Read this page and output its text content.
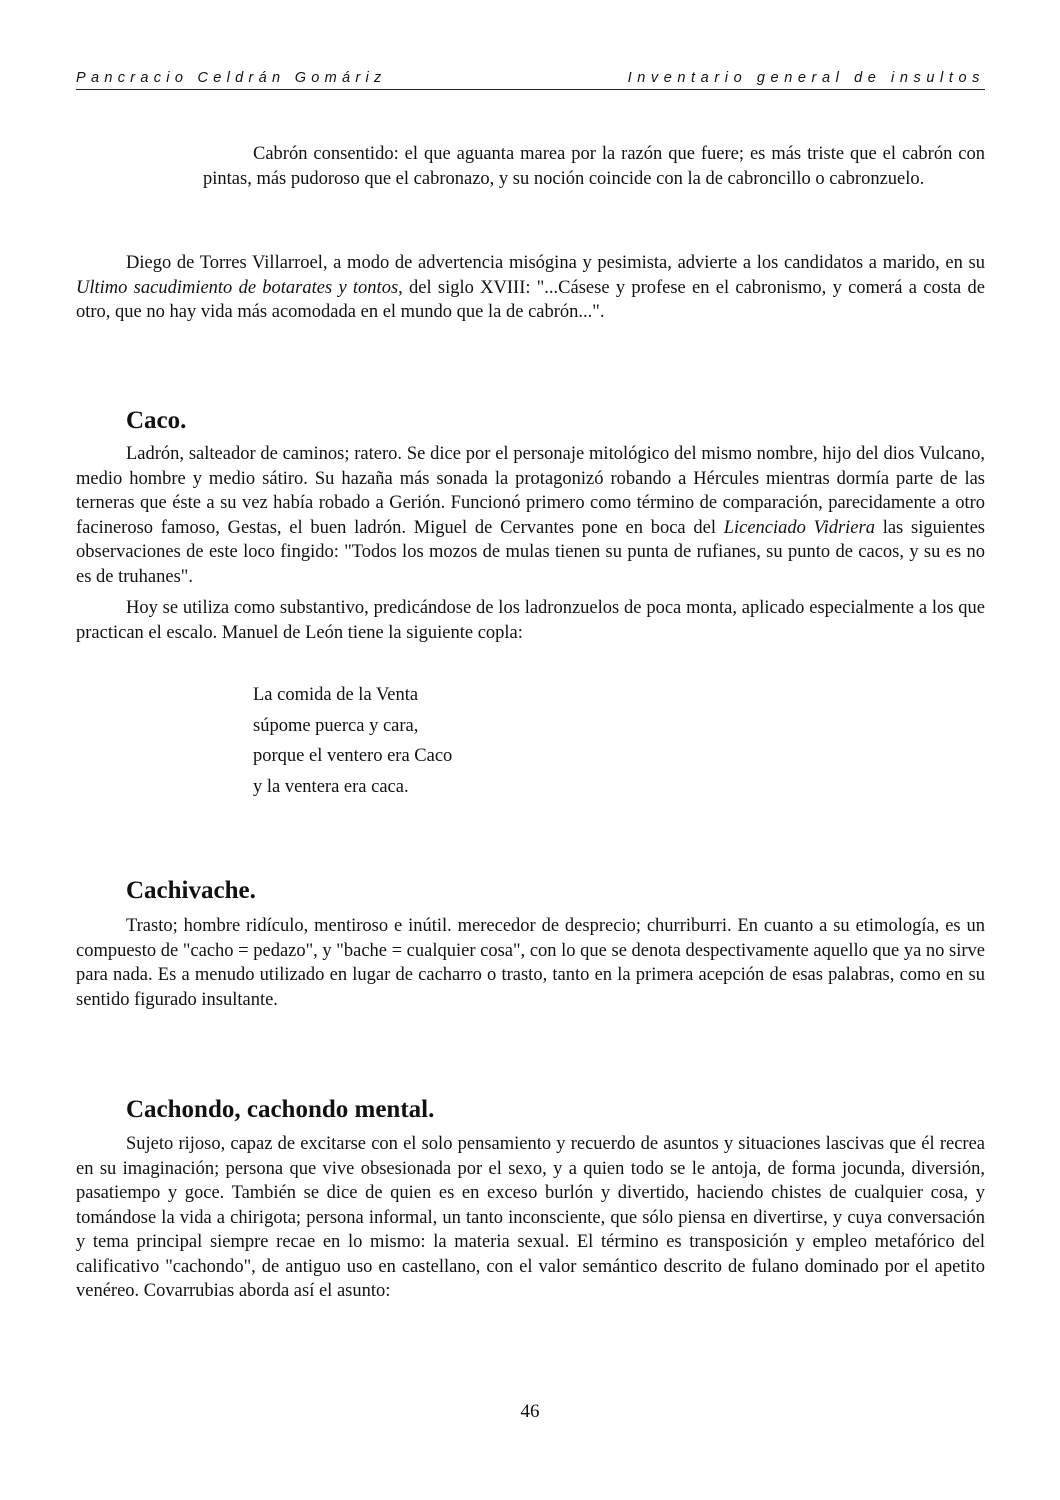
Pancracio Celdrán Gomáriz	Inventario general de insultos
Cabrón consentido: el que aguanta marea por la razón que fuere; es más triste que el cabrón con pintas, más pudoroso que el cabronazo, y su noción coincide con la de cabroncillo o cabronzuelo.
Diego de Torres Villarroel, a modo de advertencia misógina y pesimista, advierte a los candidatos a marido, en su Ultimo sacudimiento de botarates y tontos, del siglo XVIII: "...Cásese y profese en el cabronismo, y comerá a costa de otro, que no hay vida más acomodada en el mundo que la de cabrón...".
Caco.
Ladrón, salteador de caminos; ratero. Se dice por el personaje mitológico del mismo nombre, hijo del dios Vulcano, medio hombre y medio sátiro. Su hazaña más sonada la protagonizó robando a Hércules mientras dormía parte de las terneras que éste a su vez había robado a Gerión. Funcionó primero como término de comparación, parecidamente a otro facineroso famoso, Gestas, el buen ladrón. Miguel de Cervantes pone en boca del Licenciado Vidriera las siguientes observaciones de este loco fingido: "Todos los mozos de mulas tienen su punta de rufianes, su punto de cacos, y su es no es de truhanes".
Hoy se utiliza como substantivo, predicándose de los ladronzuelos de poca monta, aplicado especialmente a los que practican el escalo. Manuel de León tiene la siguiente copla:
La comida de la Venta
súpome puerca y cara,
porque el ventero era Caco
y la ventera era caca.
Cachivache.
Trasto; hombre ridículo, mentiroso e inútil. merecedor de desprecio; churriburri. En cuanto a su etimología, es un compuesto de "cacho = pedazo", y "bache = cualquier cosa", con lo que se denota despectivamente aquello que ya no sirve para nada. Es a menudo utilizado en lugar de cacharro o trasto, tanto en la primera acepción de esas palabras, como en su sentido figurado insultante.
Cachondo, cachondo mental.
Sujeto rijoso, capaz de excitarse con el solo pensamiento y recuerdo de asuntos y situaciones lascivas que él recrea en su imaginación; persona que vive obsesionada por el sexo, y a quien todo se le antoja, de forma jocunda, diversión, pasatiempo y goce. También se dice de quien es en exceso burlón y divertido, haciendo chistes de cualquier cosa, y tomándose la vida a chirigota; persona informal, un tanto inconsciente, que sólo piensa en divertirse, y cuya conversación y tema principal siempre recae en lo mismo: la materia sexual. El término es transposición y empleo metafórico del calificativo "cachondo", de antiguo uso en castellano, con el valor semántico descrito de fulano dominado por el apetito venéreo. Covarrubias aborda así el asunto:
46
